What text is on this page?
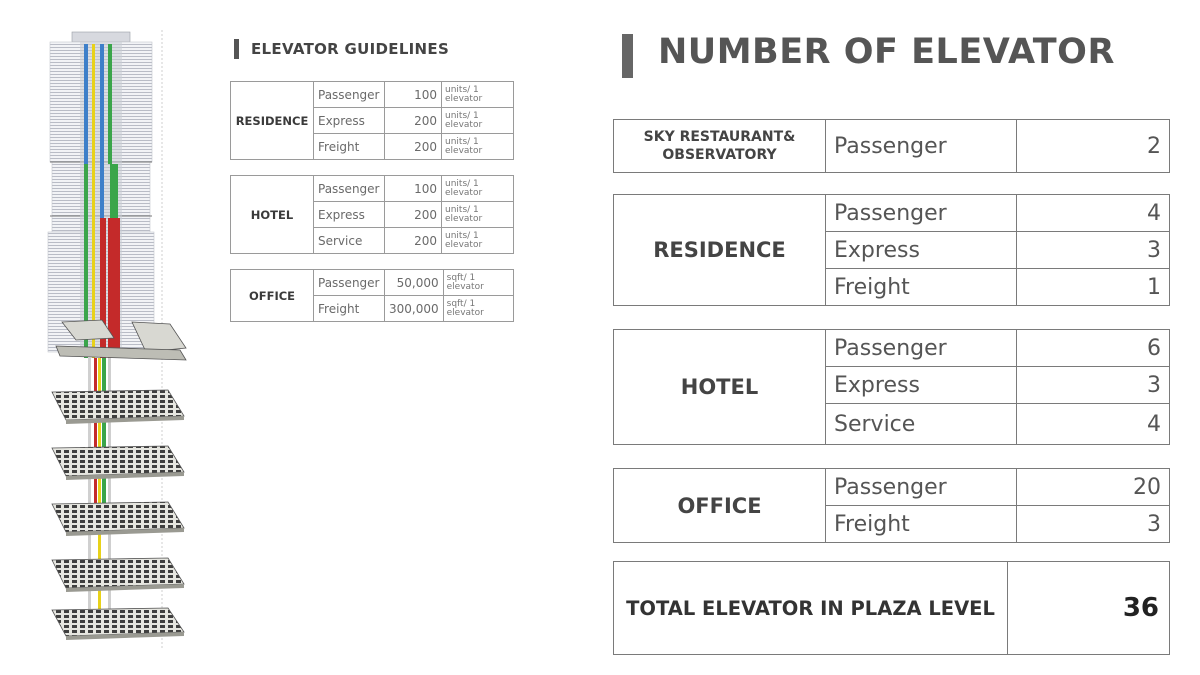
ELEVATOR GUIDELINES
RESIDENCE	Passenger	100	units/ 1
elevator
	Express	200	units/ 1
elevator
	Freight	200	units/ 1
elevator
HOTEL	Passenger	100	units/ 1
elevator
	Express	200	units/ 1
elevator
	Service	200	units/ 1
elevator
OFFICE	Passenger	50,000	sqft/ 1
elevator
	Freight	300,000	sqft/ 1
elevator
NUMBER OF ELEVATOR
SKY RESTAURANT&
OBSERVATORY	Passenger	2
RESIDENCE	Passenger	4
	Express	3
	Freight	1
HOTEL	Passenger	6
	Express	3
	Service	4
OFFICE	Passenger	20
	Freight	3
TOTAL ELEVATOR IN PLAZA LEVEL	36
